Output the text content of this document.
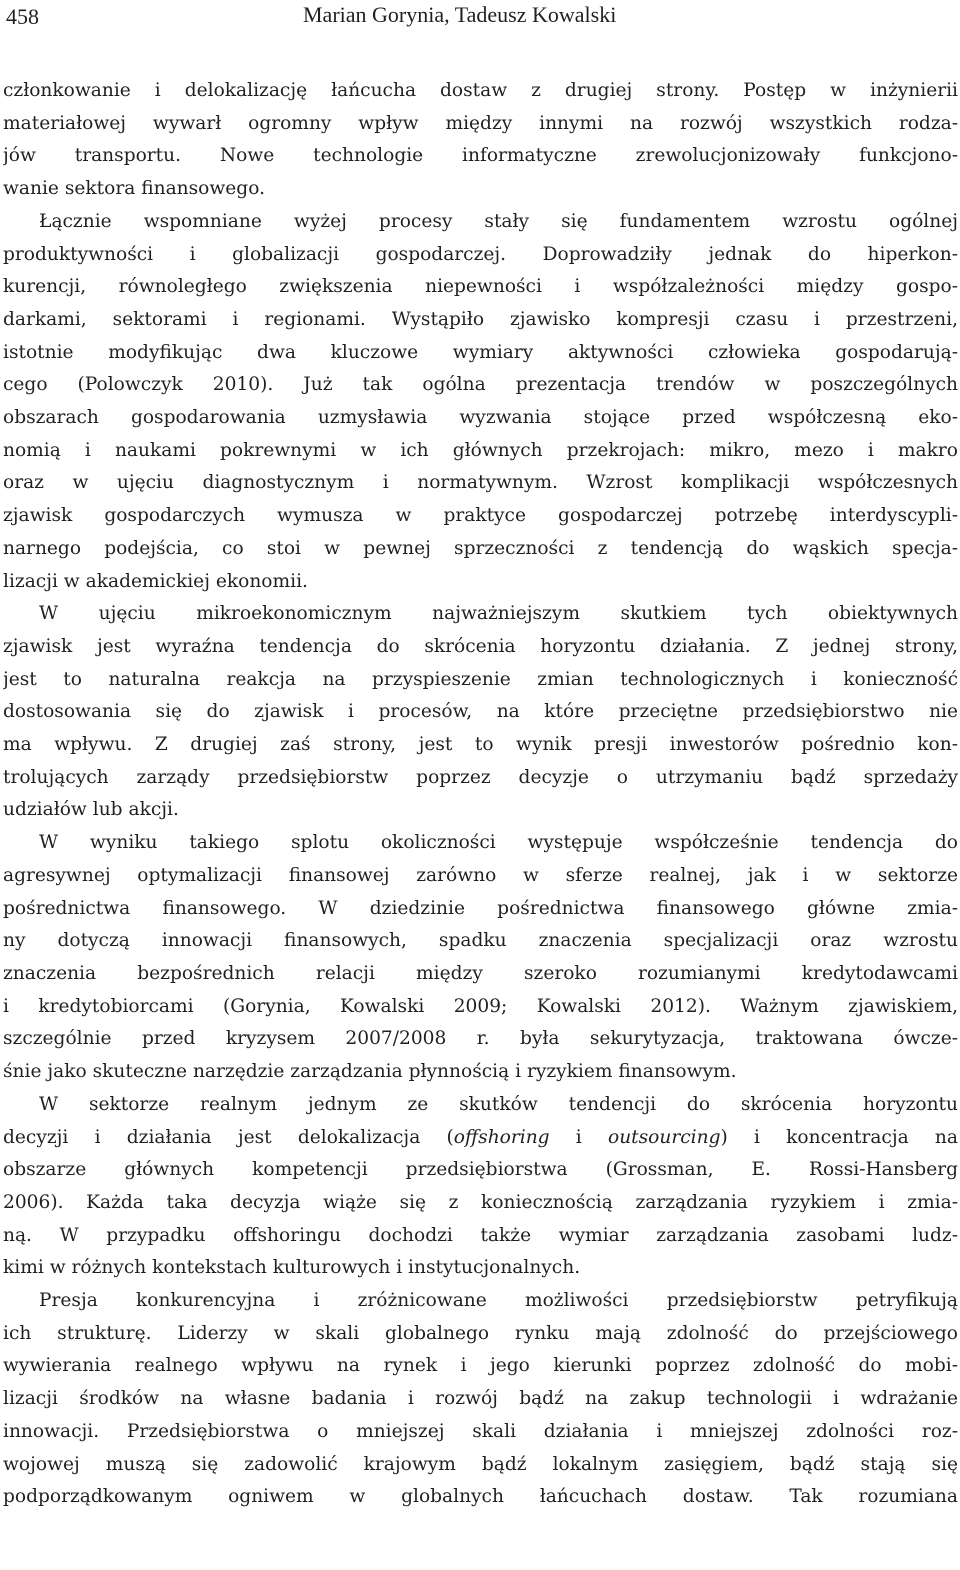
458	Marian Gorynia, Tadeusz Kowalski
członkowanie i delokalizację łańcucha dostaw z drugiej strony. Postęp w inżynierii
materiałowej wywarł ogromny wpływ między innymi na rozwój wszystkich rodza-
jów transportu. Nowe technologie informatyczne zrewolucjonizowały funkcjono-
wanie sektora finansowego.
Łącznie wspomniane wyżej procesy stały się fundamentem wzrostu ogólnej
produktywności i globalizacji gospodarczej. Doprowadziły jednak do hiperkon-
kurencji, równoległego zwiększenia niepewności i współzależności między gospo-
darkami, sektorami i regionami. Wystąpiło zjawisko kompresji czasu i przestrzeni,
istotnie modyfikując dwa kluczowe wymiary aktywności człowieka gospodarują-
cego (Polowczyk 2010). Już tak ogólna prezentacja trendów w poszczególnych
obszarach gospodarowania uzmysławia wyzwania stojące przed współczesną eko-
nomią i naukami pokrewnymi w ich głównych przekrojach: mikro, mezo i makro
oraz w ujęciu diagnostycznym i normatywnym. Wzrost komplikacji współczesnych
zjawisk gospodarczych wymusza w praktyce gospodarczej potrzebę interdyscypli-
narnego podejścia, co stoi w pewnej sprzeczności z tendencją do wąskich specja-
lizacji w akademickiej ekonomii.
W ujęciu mikroekonomicznym najważniejszym skutkiem tych obiektywnych
zjawisk jest wyraźna tendencja do skrócenia horyzontu działania. Z jednej strony,
jest to naturalna reakcja na przyspieszenie zmian technologicznych i konieczność
dostosowania się do zjawisk i procesów, na które przeciętne przedsiębiorstwo nie
ma wpływu. Z drugiej zaś strony, jest to wynik presji inwestorów pośrednio kon-
trolujących zarządy przedsiębiorstw poprzez decyzje o utrzymaniu bądź sprzedaży
udziałów lub akcji.
W wyniku takiego splotu okoliczności występuje współcześnie tendencja do
agresywnej optymalizacji finansowej zarówno w sferze realnej, jak i w sektorze
pośrednictwa finansowego. W dziedzinie pośrednictwa finansowego główne zmia-
ny dotyczą innowacji finansowych, spadku znaczenia specjalizacji oraz wzrostu
znaczenia bezpośrednich relacji między szeroko rozumianymi kredytodawcami
i kredytobiorcami (Gorynia, Kowalski 2009; Kowalski 2012). Ważnym zjawiskiem,
szczególnie przed kryzysem 2007/2008 r. była sekurytyzacja, traktowana ówcze-
śnie jako skuteczne narzędzie zarządzania płynnością i ryzykiem finansowym.
W sektorze realnym jednym ze skutków tendencji do skrócenia horyzontu
decyzji i działania jest delokalizacja (offshoring i outsourcing) i koncentracja na
obszarze głównych kompetencji przedsiębiorstwa (Grossman, E. Rossi-Hansberg
2006). Każda taka decyzja wiąże się z koniecznością zarządzania ryzykiem i zmia-
ną. W przypadku offshoringu dochodzi także wymiar zarządzania zasobami ludz-
kimi w różnych kontekstach kulturowych i instytucjonalnych.
Presja konkurencyjna i zróżnicowane możliwości przedsiębiorstw petryfikują
ich strukturę. Liderzy w skali globalnego rynku mają zdolność do przejściowego
wywierania realnego wpływu na rynek i jego kierunki poprzez zdolność do mobi-
lizacji środków na własne badania i rozwój bądź na zakup technologii i wdrażanie
innowacji. Przedsiębiorstwa o mniejszej skali działania i mniejszej zdolności roz-
wojowej muszą się zadowolić krajowym bądź lokalnym zasięgiem, bądź stają się
podporządkowanym ogniwem w globalnych łańcuchach dostaw. Tak rozumiana
